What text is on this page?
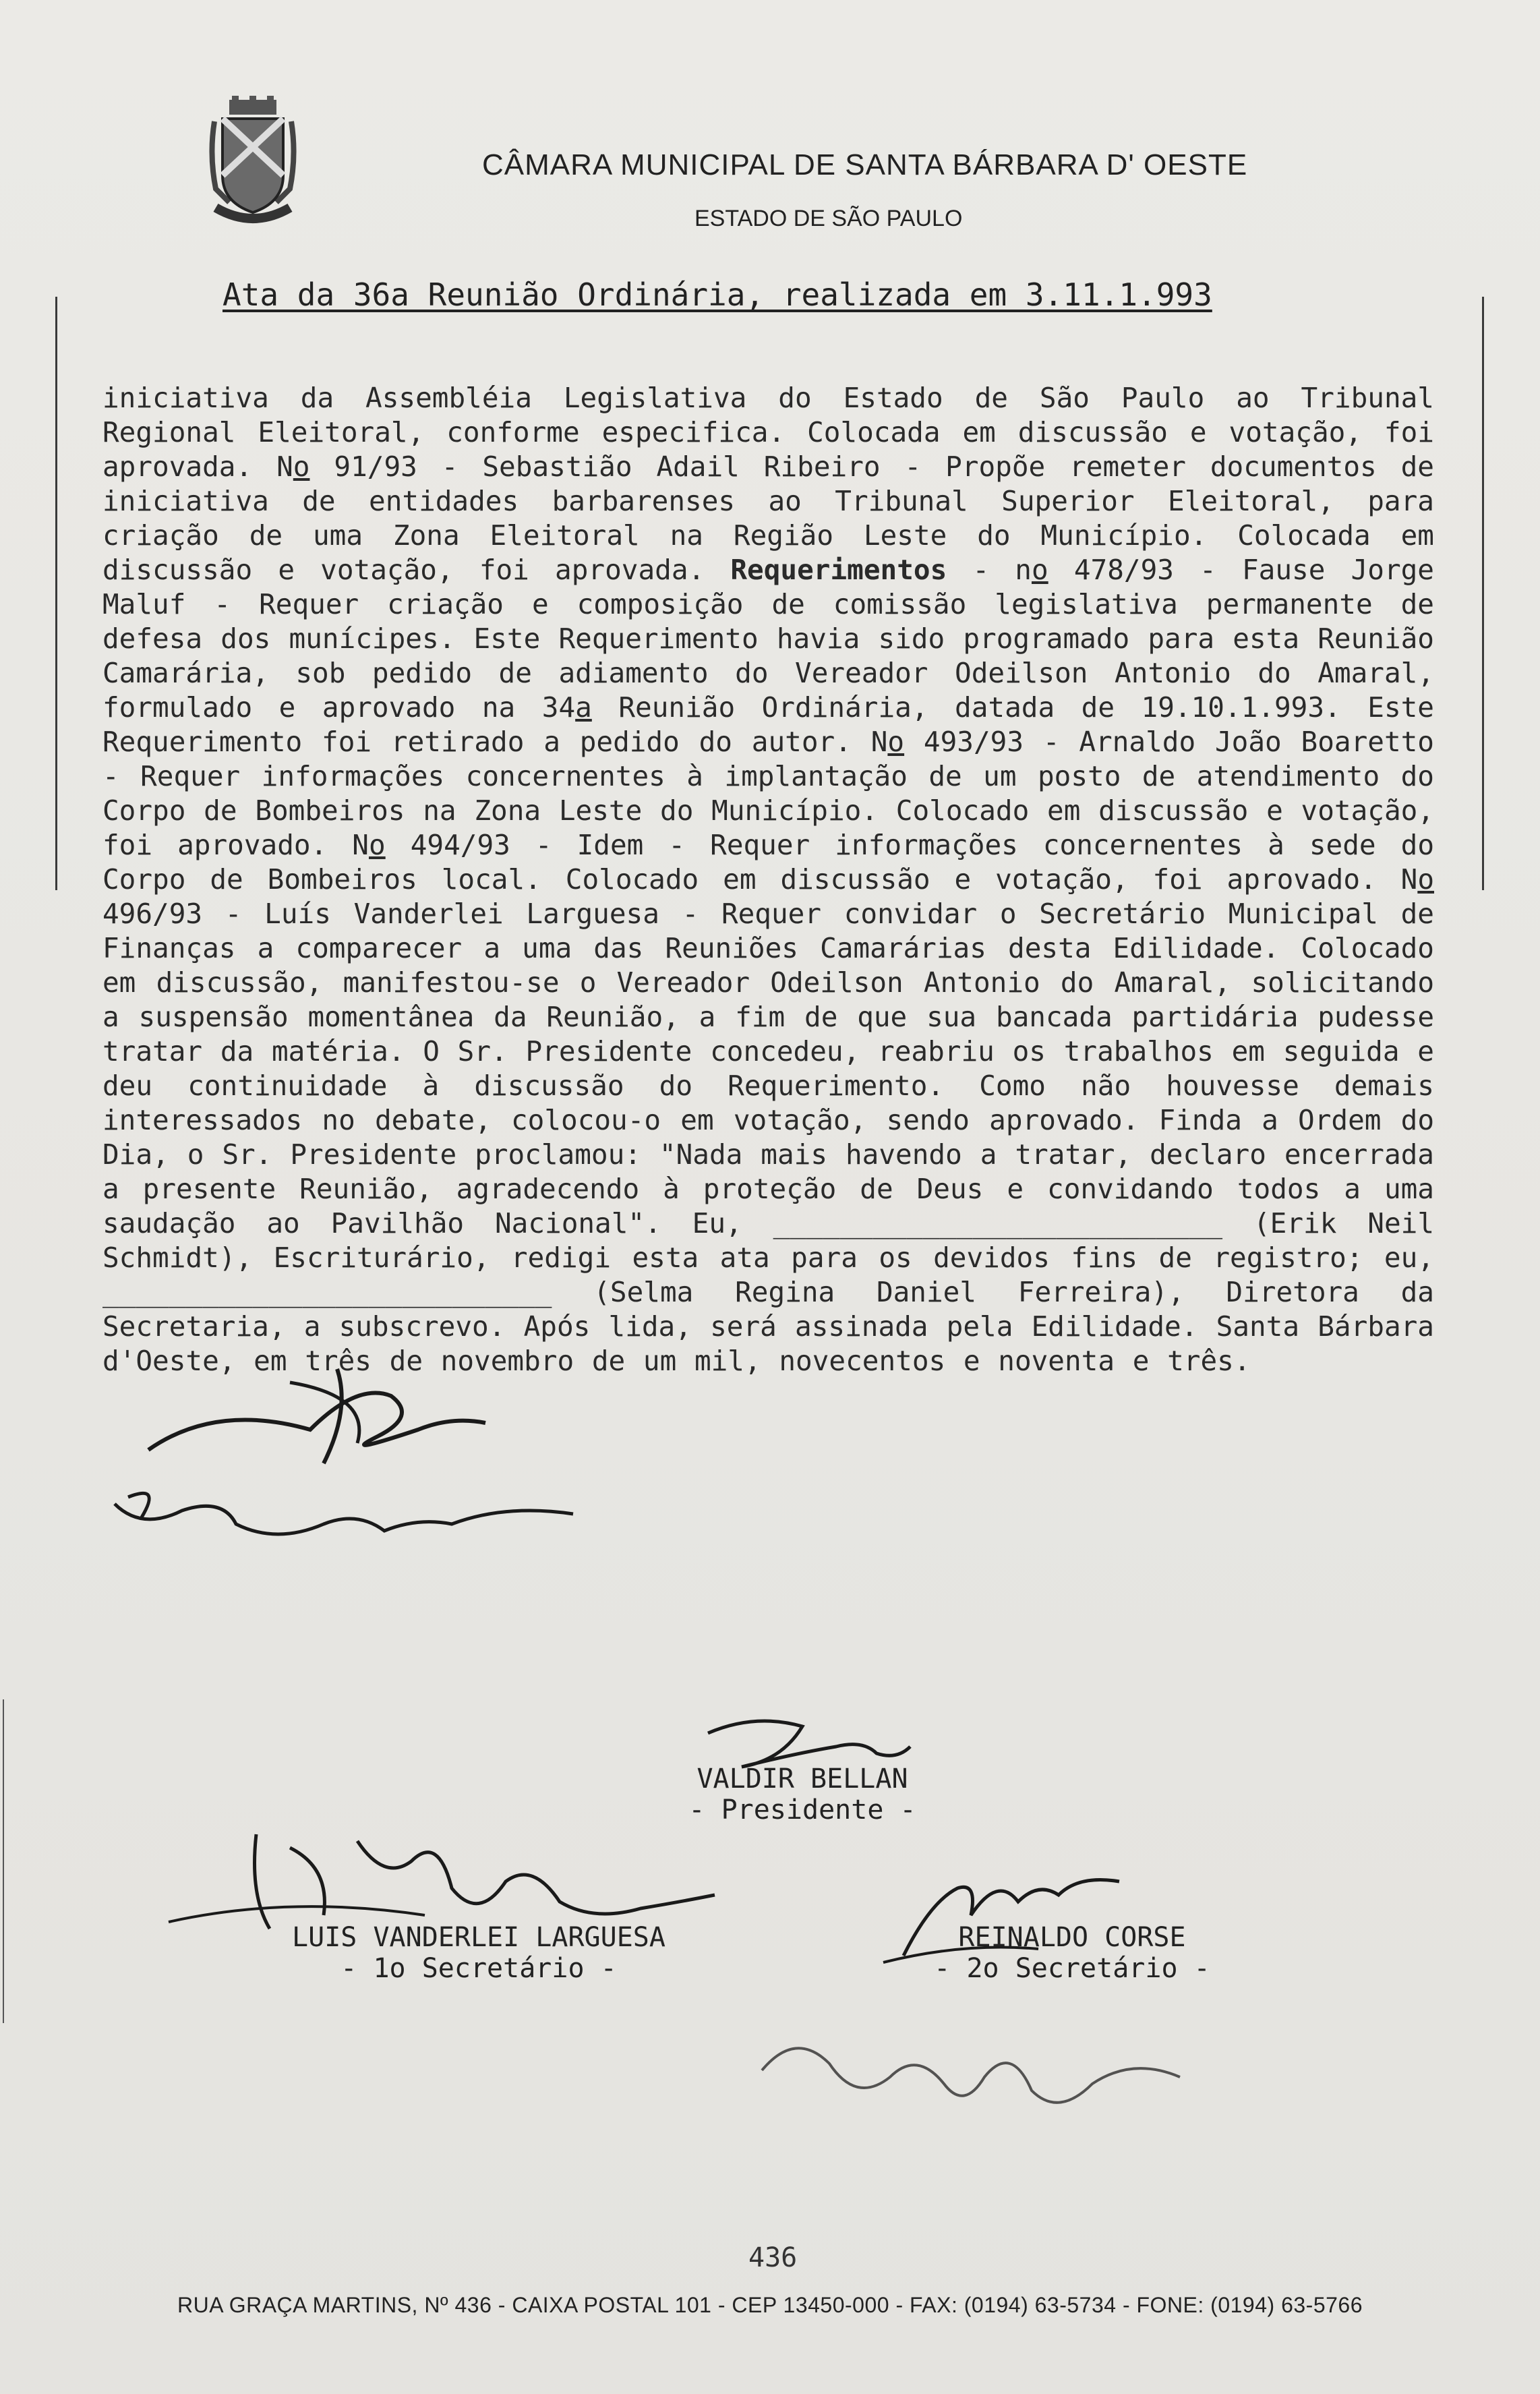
CÂMARA MUNICIPAL DE SANTA BÁRBARA D' OESTE
ESTADO DE SÃO PAULO
Ata da 36a Reunião Ordinária, realizada em 3.11.1.993
iniciativa da Assembléia Legislativa do Estado de São Paulo ao Tribunal Regional Eleitoral, conforme especifica. Colocada em discussão e votação, foi aprovada. No 91/93 - Sebastião Adail Ribeiro - Propõe remeter documentos de iniciativa de entidades barbarenses ao Tribunal Superior Eleitoral, para criação de uma Zona Eleitoral na Região Leste do Município. Colocada em discussão e votação, foi aprovada. Requerimentos - no 478/93 - Fause Jorge Maluf - Requer criação e composição de comissão legislativa permanente de defesa dos munícipes. Este Requerimento havia sido programado para esta Reunião Camarária, sob pedido de adiamento do Vereador Odeilson Antonio do Amaral, formulado e aprovado na 34a Reunião Ordinária, datada de 19.10.1.993. Este Requerimento foi retirado a pedido do autor. No 493/93 - Arnaldo João Boaretto - Requer informações concernentes à implantação de um posto de atendimento do Corpo de Bombeiros na Zona Leste do Município. Colocado em discussão e votação, foi aprovado. No 494/93 - Idem - Requer informações concernentes à sede do Corpo de Bombeiros local. Colocado em discussão e votação, foi aprovado. No 496/93 - Luís Vanderlei Larguesa - Requer convidar o Secretário Municipal de Finanças a comparecer a uma das Reuniões Camarárias desta Edilidade. Colocado em discussão, manifestou-se o Vereador Odeilson Antonio do Amaral, solicitando a suspensão momentânea da Reunião, a fim de que sua bancada partidária pudesse tratar da matéria. O Sr. Presidente concedeu, reabriu os trabalhos em seguida e deu continuidade à discussão do Requerimento. Como não houvesse demais interessados no debate, colocou-o em votação, sendo aprovado. Finda a Ordem do Dia, o Sr. Presidente proclamou: "Nada mais havendo a tratar, declaro encerrada a presente Reunião, agradecendo à proteção de Deus e convidando todos a uma saudação ao Pavilhão Nacional". Eu, ___________________________ (Erik Neil Schmidt), Escriturário, redigi esta ata para os devidos fins de registro; eu, ___________________________ (Selma Regina Daniel Ferreira), Diretora da Secretaria, a subscrevo. Após lida, será assinada pela Edilidade. Santa Bárbara d'Oeste, em três de novembro de um mil, novecentos e noventa e três.
VALDIR BELLAN
- Presidente -
LUIS VANDERLEI LARGUESA
- 1o Secretário -
REINALDO CORSE
- 2o Secretário -
436
RUA GRAÇA MARTINS, Nº 436 - CAIXA POSTAL 101 - CEP 13450-000 - FAX: (0194) 63-5734 - FONE: (0194) 63-5766
